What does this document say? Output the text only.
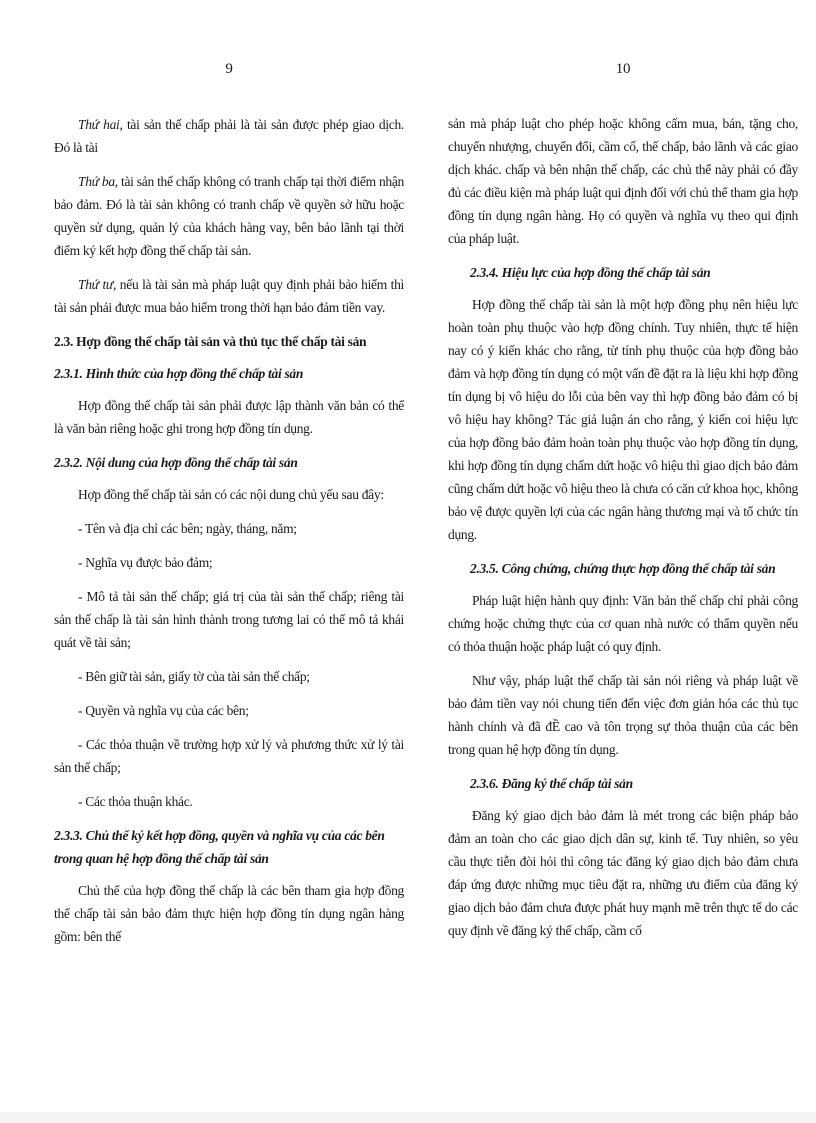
9

Thứ hai, tài sản thế chấp phải là tài sản được phép giao dịch. Đó là tài

Thứ ba, tài sản thế chấp không có tranh chấp tại thời điểm nhận bảo đảm. Đó là tài sản không có tranh chấp về quyền sở hữu hoặc quyền sử dụng, quản lý của khách hàng vay, bên bảo lãnh tại thời điểm ký kết hợp đồng thế chấp tài sản.

Thứ tư, nếu là tài sản mà pháp luật quy định phải bảo hiểm thì tài sản phải được mua bảo hiểm trong thời hạn bảo đảm tiền vay.

2.3. Hợp đồng thế chấp tài sản và thủ tục thế chấp tài sản
2.3.1. Hình thức của hợp đồng thế chấp tài sản

Hợp đồng thế chấp tài sản phải được lập thành văn bản có thể là văn bản riêng hoặc ghi trong hợp đồng tín dụng.

2.3.2. Nội dung của hợp đồng thế chấp tài sản

Hợp đồng thế chấp tài sản có các nội dung chủ yếu sau đây:

- Tên và địa chỉ các bên; ngày, tháng, năm;

- Nghĩa vụ được bảo đảm;

- Mô tả tài sản thế chấp; giá trị của tài sản thế chấp; riêng tài sản thế chấp là tài sản hình thành trong tương lai có thể mô tả khái quát về tài sản;

- Bên giữ tài sản, giấy tờ của tài sản thế chấp;

- Quyền và nghĩa vụ của các bên;

- Các thỏa thuận về trường hợp xử lý và phương thức xử lý tài sản thế chấp;

- Các thỏa thuận khác.

2.3.3. Chủ thể ký kết hợp đồng, quyền và nghĩa vụ của các bên trong quan hệ hợp đồng thế chấp tài sản

Chủ thể của hợp đồng thế chấp là các bên tham gia hợp đồng thế chấp tài sản bảo đảm thực hiện hợp đồng tín dụng ngân hàng gồm: bên thế

10

sản mà pháp luật cho phép hoặc không cấm mua, bán, tặng cho, chuyển nhượng, chuyển đổi, cầm cố, thế chấp, bảo lãnh và các giao dịch khác. chấp và bên nhận thế chấp, các chủ thể này phải có đầy đủ các điều kiện mà pháp luật qui định đối với chủ thể tham gia hợp đồng tín dụng ngân hàng. Họ có quyền và nghĩa vụ theo qui định của pháp luật.

2.3.4. Hiệu lực của hợp đồng thế chấp tài sản

Hợp đồng thế chấp tài sản là một hợp đồng phụ nên hiệu lực hoàn toàn phụ thuộc vào hợp đồng chính. Tuy nhiên, thực tế hiện nay có ý kiến khác cho rằng, từ tính phụ thuộc của hợp đồng bảo đảm và hợp đồng tín dụng có một vấn đề đặt ra là liệu khi hợp đồng tín dụng bị vô hiệu do lỗi của bên vay thì hợp đồng bảo đảm có bị vô hiệu hay không? Tác giả luận án cho rằng, ý kiến coi hiệu lực của hợp đồng bảo đảm hoàn toàn phụ thuộc vào hợp đồng tín dụng, khi hợp đồng tín dụng chấm dứt hoặc vô hiệu thì giao dịch bảo đảm cũng chấm dứt hoặc vô hiệu theo là chưa có căn cứ khoa học, không bảo vệ được quyền lợi của các ngân hàng thương mại và tổ chức tín dụng.

2.3.5. Công chứng, chứng thực hợp đồng thế chấp tài sản

Pháp luật hiện hành quy định: Văn bản thế chấp chỉ phải công chứng hoặc chứng thực của cơ quan nhà nước có thẩm quyền nếu có thỏa thuận hoặc pháp luật có quy định.

Như vậy, pháp luật thế chấp tài sản nói riêng và pháp luật về bảo đảm tiền vay nói chung tiến đến việc đơn giản hóa các thủ tục hành chính và đã đỀ cao và tôn trọng sự thỏa thuận của các bên trong quan hệ hợp đồng tín dụng.

2.3.6. Đăng ký thế chấp tài sản

Đăng ký giao dịch bảo đảm là mét trong các biện pháp bảo đảm an toàn cho các giao dịch dân sự, kinh tế. Tuy nhiên, so yêu cầu thực tiễn đòi hỏi thì công tác đăng ký giao dịch bảo đảm chưa đáp ứng được những mục tiêu đặt ra, những ưu điểm của đăng ký giao dịch bảo đảm chưa được phát huy mạnh mẽ trên thực tế do các quy định về đăng ký thế chấp, cầm cố
